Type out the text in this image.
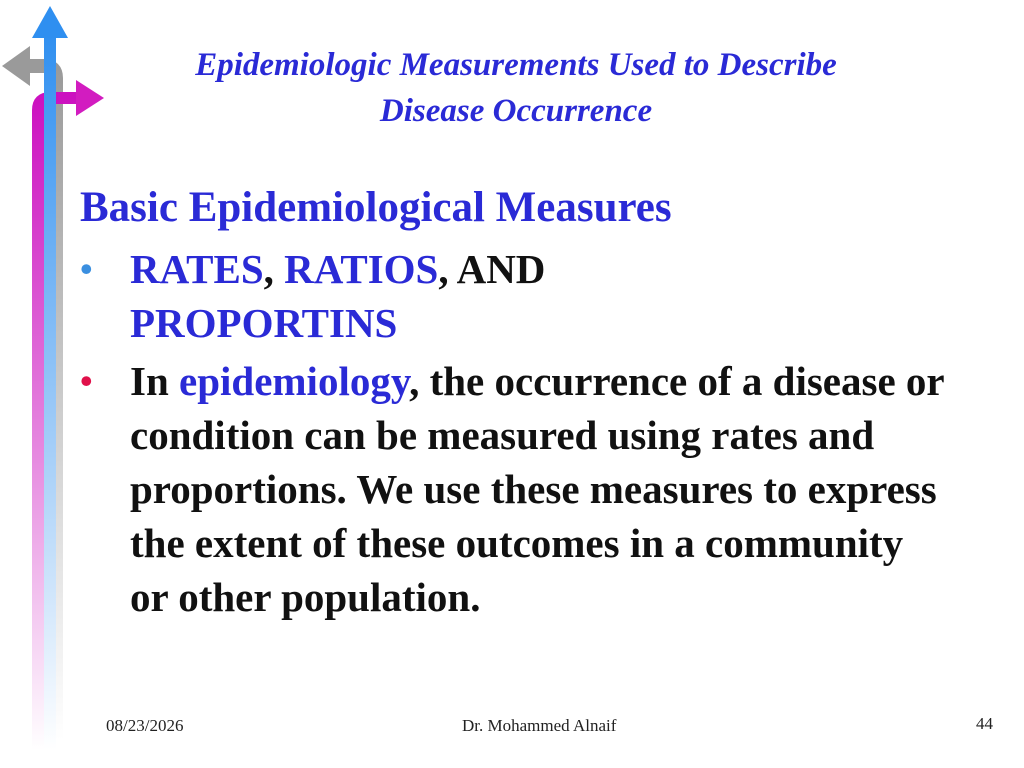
Epidemiologic Measurements Used to Describe
Disease Occurrence
Basic Epidemiological Measures
• RATES, RATIOS, AND
PROPORTINS
• In epidemiology, the occurrence of a disease or condition can be measured using rates and proportions. We use these measures to express the extent of these outcomes in a community or other population.
08/23/2026	Dr. Mohammed Alnaif	44
